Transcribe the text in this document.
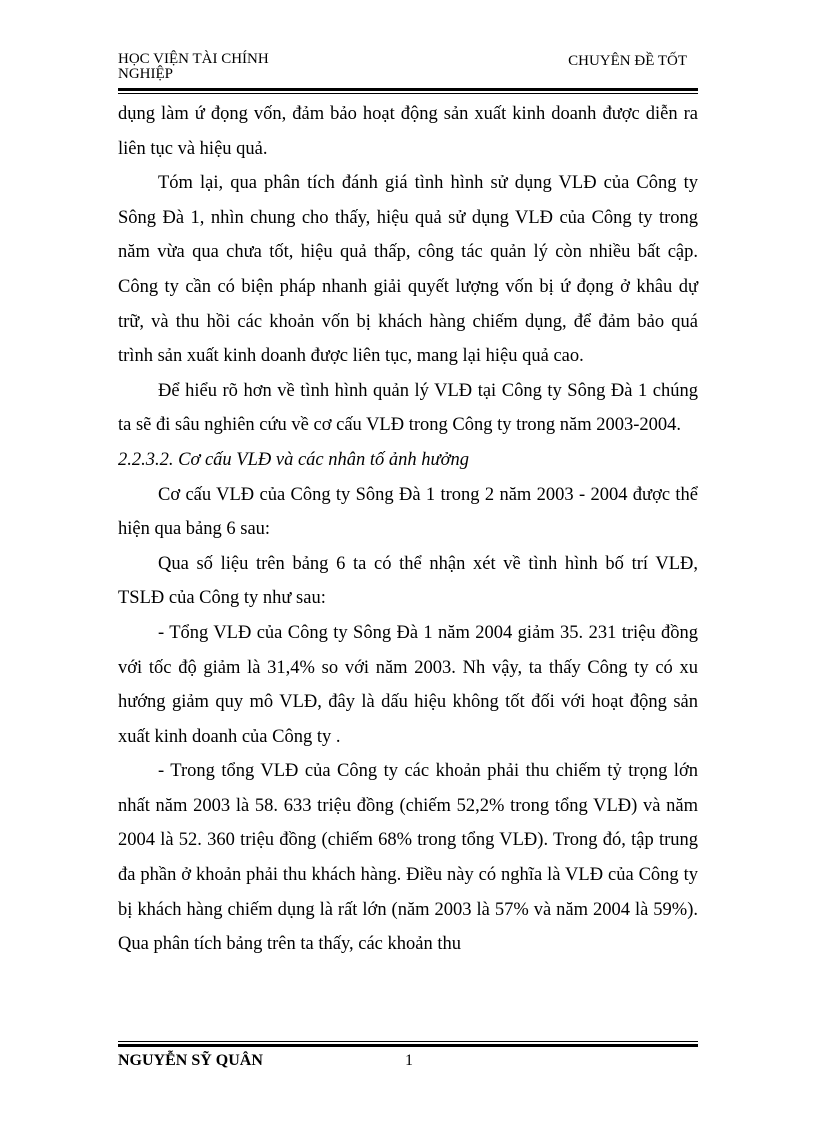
HỌC VIỆN TÀI CHÍNH NGHIỆP
CHUYÊN ĐỀ TỐT

dụng làm ứ đọng vốn, đảm bảo hoạt động sản xuất kinh doanh được diễn ra liên tục và hiệu quả.

Tóm lại, qua phân tích đánh giá tình hình sử dụng VLĐ của Công ty Sông Đà 1, nhìn chung cho thấy, hiệu quả sử dụng VLĐ của Công ty trong năm vừa qua chưa tốt, hiệu quả thấp, công tác quản lý còn nhiều bất cập. Công ty cần có biện pháp nhanh giải quyết lượng vốn bị ứ đọng ở khâu dự trữ, và thu hồi các khoản vốn bị khách hàng chiếm dụng, để đảm bảo quá trình sản xuất kinh doanh được liên tục, mang lại hiệu quả cao.

Để hiểu rõ hơn về tình hình quản lý VLĐ tại Công ty Sông Đà 1 chúng ta sẽ đi sâu nghiên cứu về cơ cấu VLĐ trong Công ty trong năm 2003-2004.

2.2.3.2. Cơ cấu VLĐ và các nhân tố ảnh hưởng

Cơ cấu VLĐ của Công ty Sông Đà 1 trong 2 năm 2003 - 2004 được thể hiện qua bảng 6 sau:

Qua số liệu trên bảng 6 ta có thể nhận xét về tình hình bố trí VLĐ, TSLĐ của Công ty như sau:

- Tổng VLĐ của Công ty Sông Đà 1 năm 2004 giảm 35. 231 triệu đồng với tốc độ giảm là 31,4% so với năm 2003. Nh vậy, ta thấy Công ty có xu hướng giảm quy mô VLĐ, đây là dấu hiệu không tốt đối với hoạt động sản xuất kinh doanh của Công ty .

- Trong tổng VLĐ của Công ty các khoản phải thu chiếm tỷ trọng lớn nhất năm 2003 là 58. 633 triệu đồng (chiếm 52,2% trong tổng VLĐ) và năm 2004 là 52. 360 triệu đồng (chiếm 68% trong tổng VLĐ). Trong đó, tập trung đa phần ở khoản phải thu khách hàng. Điều này có nghĩa là VLĐ của Công ty bị khách hàng chiếm dụng là rất lớn (năm 2003 là 57% và năm 2004 là 59%). Qua phân tích bảng trên ta thấy, các khoản thu

NGUYỄN SỸ QUÂN	1
